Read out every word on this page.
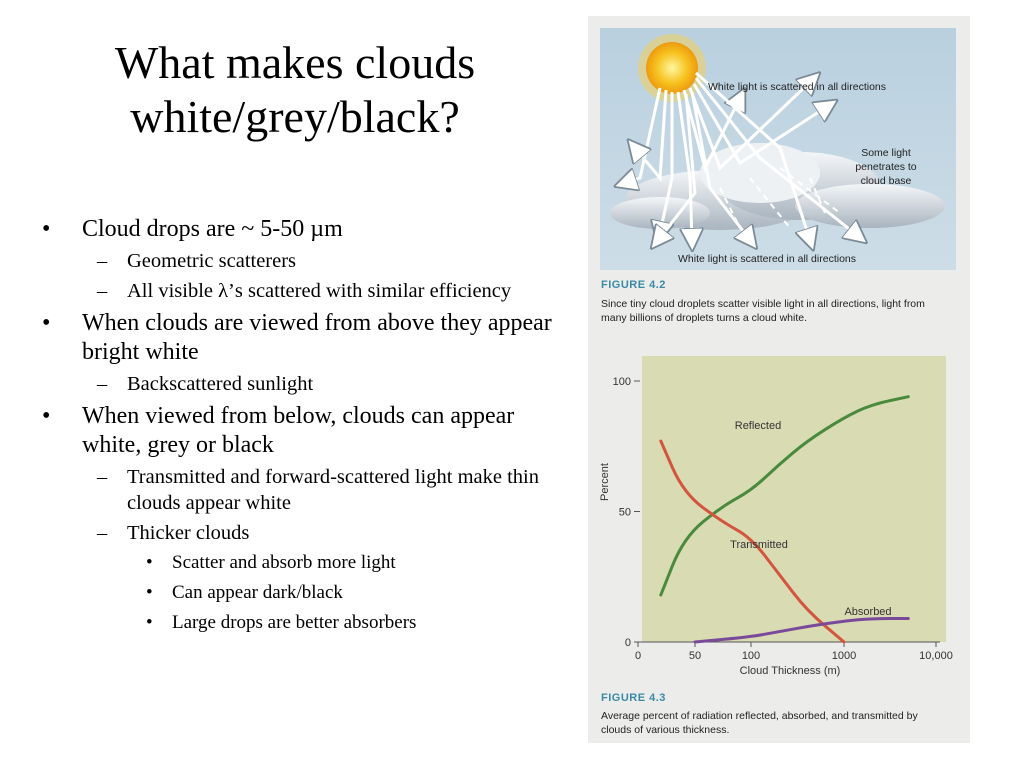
What makes clouds
white/grey/black?
• Cloud drops are ~ 5-50 µm
– Geometric scatterers
– All visible λ’s scattered with similar efficiency
• When clouds are viewed from above they appear bright white
– Backscattered sunlight
• When viewed from below, clouds can appear white, grey or black
– Transmitted and forward-scattered light make thin clouds appear white
– Thicker clouds
• Scatter and absorb more light
• Can appear dark/black
• Large drops are better absorbers
White light is scattered in all directions
Some light
penetrates to
cloud base
White light is scattered in all directions
FIGURE 4.2
Since tiny cloud droplets scatter visible light in all directions, light from many billions of droplets turns a cloud white.
0	50	100	1000	10,000
0
50
100
Cloud Thickness (m)
Percent
Reflected
Transmitted
Absorbed
FIGURE 4.3
Average percent of radiation reflected, absorbed, and transmitted by clouds of various thickness.
